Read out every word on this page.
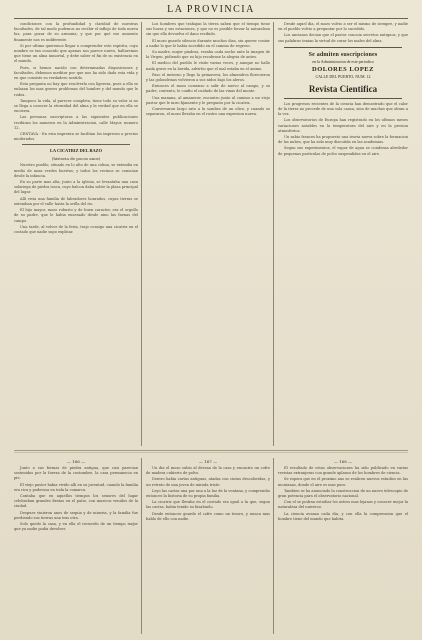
LA PROVINCIA

condiciones con la profundidad y claridad de nuestras facultades, de tal modo podemos no recibir el influjo de toda nueva luz, para gozar de su armonia; y que por qué ese aumento finamente nos es indiferente.

Si por ultimo queremos llegar a comprender este espiritu, cuyo nombre es tan conocido que apenas nos parece nuevo, hallaremos que tiene un alma inmortal, y debe saber el fin de su existencia en el mundo.

Pues, si hemos nacido con determinadas disposiciones y facultades, debemos meditar por que nos ha sido dada esta vida y en que consiste su verdadero sentido.

Esta pregunta no hay que resolverla con ligereza, pues a ella se enlazan los mas graves problemas del hombre y del mundo que le rodea.

Tampoco la vida, al parecer completa, tiene todo su valor si no se llega a conocer la eternidad del alma y la verdad que en ella se encierra.

Las personas suscriptoras a las siguientes publicaciones recibiran los numeros en la Administracion, calle Mayor, numero 12.

CENTAVA - En esta imprenta se facilitan los impresos a precios moderados.

LA CICATRIZ DEL BAZO
(historia de pocos anos)

Nuestro pueblo, situado en lo alto de una colina, se extendia en medio de unas verdes huertas; y todos los vecinos se conocian desde la infancia.

En su parte mas alta, junto a la iglesia, se levantaba una casa solariega de piedra tosca, cuyo balcon daba sobre la plaza principal del lugar.

Alli vivia una familia de labradores honrados, cuyas tierras se extendian por el valle hasta la orilla del rio.

El hijo mayor, mozo robusto y de buen caracter, era el orgullo de su padre, que le habia ensenado desde nino las faenas del campo.

Una tarde, al volver de la feria, trajo consigo una cicatriz en el costado que nadie supo explicar.

Los hombres que trabajan la tierra saben que el tiempo tiene sus horas y sus estaciones, y que no es posible forzar la naturaleza sin que ella devuelva el dano recibido.

El mozo guardo silencio durante muchos dias, sin querer contar a nadie lo que le habia sucedido en el camino de regreso.

Su madre, mujer piadosa, rezaba cada noche ante la imagen de la Virgen, pidiendo que su hijo recobrase la alegria de antes.

El medico del pueblo le visito varias veces, y aunque no hallo nada grave en la herida, advirtio que el mal estaba en el animo.

Paso el invierno y llego la primavera; los almendros florecieron y las golondrinas volvieron a sus nidos bajo los aleros.

Entonces el mozo comenzo a salir de nuevo al campo, y su padre, contento, le confio el cuidado de las vinas del monte.

Una manana, al amanecer, encontro junto al camino a un viejo pastor que le miro fijamente y le pregunto por la cicatriz.

Conversaron largo rato a la sombra de un olivo, y cuando se separaron, el mozo llevaba en el rostro una expresion nueva.

Desde aquel dia, el mozo volvio a ser el mismo de siempre, y nadie en el pueblo volvio a preguntar por lo sucedido.

Los ancianos decian que el pastor conocia secretos antiguos, y que sus palabras tenian la virtud de curar los males del alma.

Se admiten suscripciones
en la Administracion de este periodico
DOLORES LOPEZ
CALLE DEL PUERTO, NUM. 12
Revista Cientifica

Los progresos recientes de la ciencia han demostrado que el calor de la tierra no procede de una sola causa, sino de muchas que obran a la vez.

Los observatorios de Europa han registrado en los ultimos meses variaciones notables en la temperatura del aire y en la presion atmosferica.

Un sabio frances ha propuesto una teoria nueva sobre la formacion de las nubes, que ha sido muy discutida en las academias.

Segun sus experimentos, el vapor de agua se condensa alrededor de pequenas particulas de polvo suspendidas en el aire.

— 166 —

Junto a sus formas de piedra antigua, que casi parecian sostenidas por la fuerza de la costumbre, la casa permanecia en pie.

El viejo pastor habia vivido alli en su juventud, cuando la familia era rica y poderosa en toda la comarca.

Contaba que en aquellos tiempos los senores del lugar celebraban grandes fiestas en el patio, con musicos venidos de la ciudad.

Despues vinieron anos de sequia y de miseria, y la familia fue perdiendo sus tierras una tras otra.

Solo quedo la casa, y en ella el recuerdo de un tiempo mejor que ya nadie podia devolver.

— 167 —

Un dia el mozo subio al desvan de la casa y encontro un cofre de madera cubierto de polvo.

Dentro habia cartas antiguas, atadas con cintas descoloridas, y un retrato de una joven de mirada triste.

Leyo las cartas una por una a la luz de la ventana, y comprendio entonces la historia de su propia familia.

La cicatriz que llevaba en el costado era igual a la que, segun las cartas, habia tenido su bisabuelo.

Desde entonces guardo el cofre como un tesoro, y nunca mas hablo de ello con nadie.

— 168 —

El resultado de estas observaciones ha sido publicado en varias revistas extranjeras con grande aplauso de los hombres de ciencia.

Se espera que en el proximo ano se realicen nuevos estudios en las montanas, donde el aire es mas puro.

Tambien se ha anunciado la construccion de un nuevo telescopio de gran potencia para el observatorio nacional.

Con el se podran estudiar los astros mas lejanos y conocer mejor la naturaleza del universo.

La ciencia avanza cada dia, y con ella la comprension que el hombre tiene del mundo que habita.
